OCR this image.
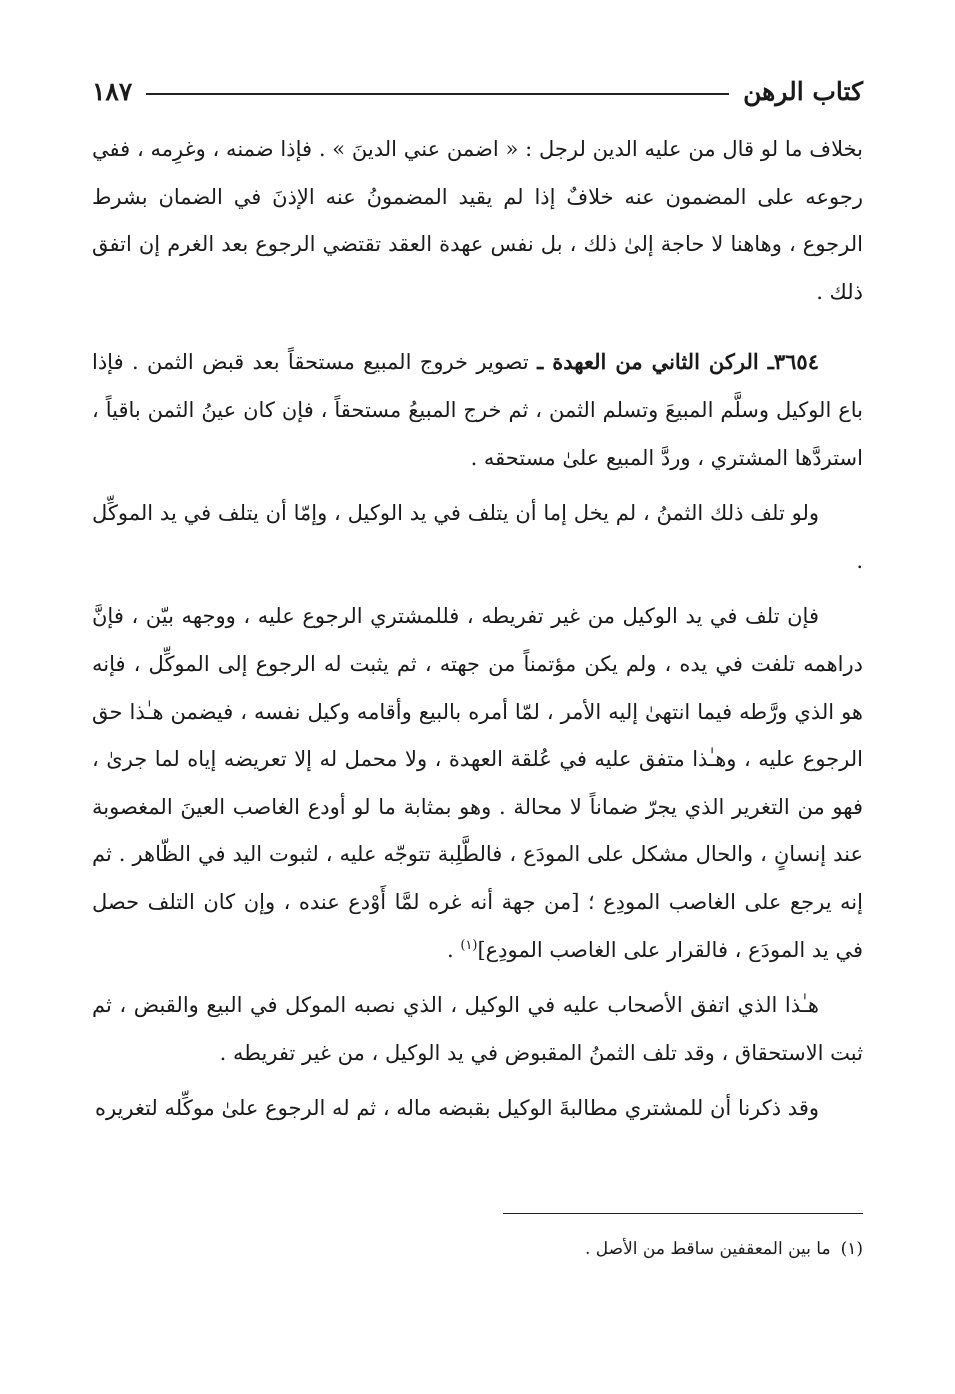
كتاب الرهن
١٨٧

بخلاف ما لو قال من عليه الدين لرجل : « اضمن عني الدينَ » . فإذا ضمنه ، وغرِمه ، ففي رجوعه على المضمون عنه خلافٌ إذا لم يقيد المضمونُ عنه الإذنَ في الضمان بشرط الرجوع ، وهاهنا لا حاجة إلىٰ ذلك ، بل نفس عهدة العقد تقتضي الرجوع بعد الغرم إن اتفق ذلك .

٣٦٥٤ـ الركن الثاني من العهدة ـ تصوير خروج المبيع مستحقاً بعد قبض الثمن . فإذا باع الوكيل وسلَّم المبيعَ وتسلم الثمن ، ثم خرج المبيعُ مستحقاً ، فإن كان عينُ الثمن باقياً ، استردَّها المشتري ، وردَّ المبيع علىٰ مستحقه .

ولو تلف ذلك الثمنُ ، لم يخل إما أن يتلف في يد الوكيل ، وإمّا أن يتلف في يد الموكِّل .

فإن تلف في يد الوكيل من غير تفريطه ، فللمشتري الرجوع عليه ، ووجهه بيّن ، فإنَّ دراهمه تلفت في يده ، ولم يكن مؤتمناً من جهته ، ثم يثبت له الرجوع إلى الموكِّل ، فإنه هو الذي ورَّطه فيما انتهىٰ إليه الأمر ، لمّا أمره بالبيع وأقامه وكيل نفسه ، فيضمن هـٰذا حق الرجوع عليه ، وهـٰذا متفق عليه في عُلقة العهدة ، ولا محمل له إلا تعريضه إياه لما جرىٰ ، فهو من التغرير الذي يجرّ ضماناً لا محالة . وهو بمثابة ما لو أودع الغاصب العينَ المغصوبة عند إنسانٍ ، والحال مشكل على المودَع ، فالطَّلِبة تتوجّه عليه ، لثبوت اليد في الظّاهر . ثم إنه يرجع على الغاصب المودِع ؛ [من جهة أنه غره لمَّا أَوْدع عنده ، وإن كان التلف حصل في يد المودَع ، فالقرار على الغاصب المودِع]$^{(١)}$ .

هـٰذا الذي اتفق الأصحاب عليه في الوكيل ، الذي نصبه الموكل في البيع والقبض ، ثم ثبت الاستحقاق ، وقد تلف الثمنُ المقبوض في يد الوكيل ، من غير تفريطه .

وقد ذكرنا أن للمشتري مطالبةَ الوكيل بقبضه ماله ، ثم له الرجوع علىٰ موكِّله لتغريره

(١)ما بين المعقفين ساقط من الأصل .
